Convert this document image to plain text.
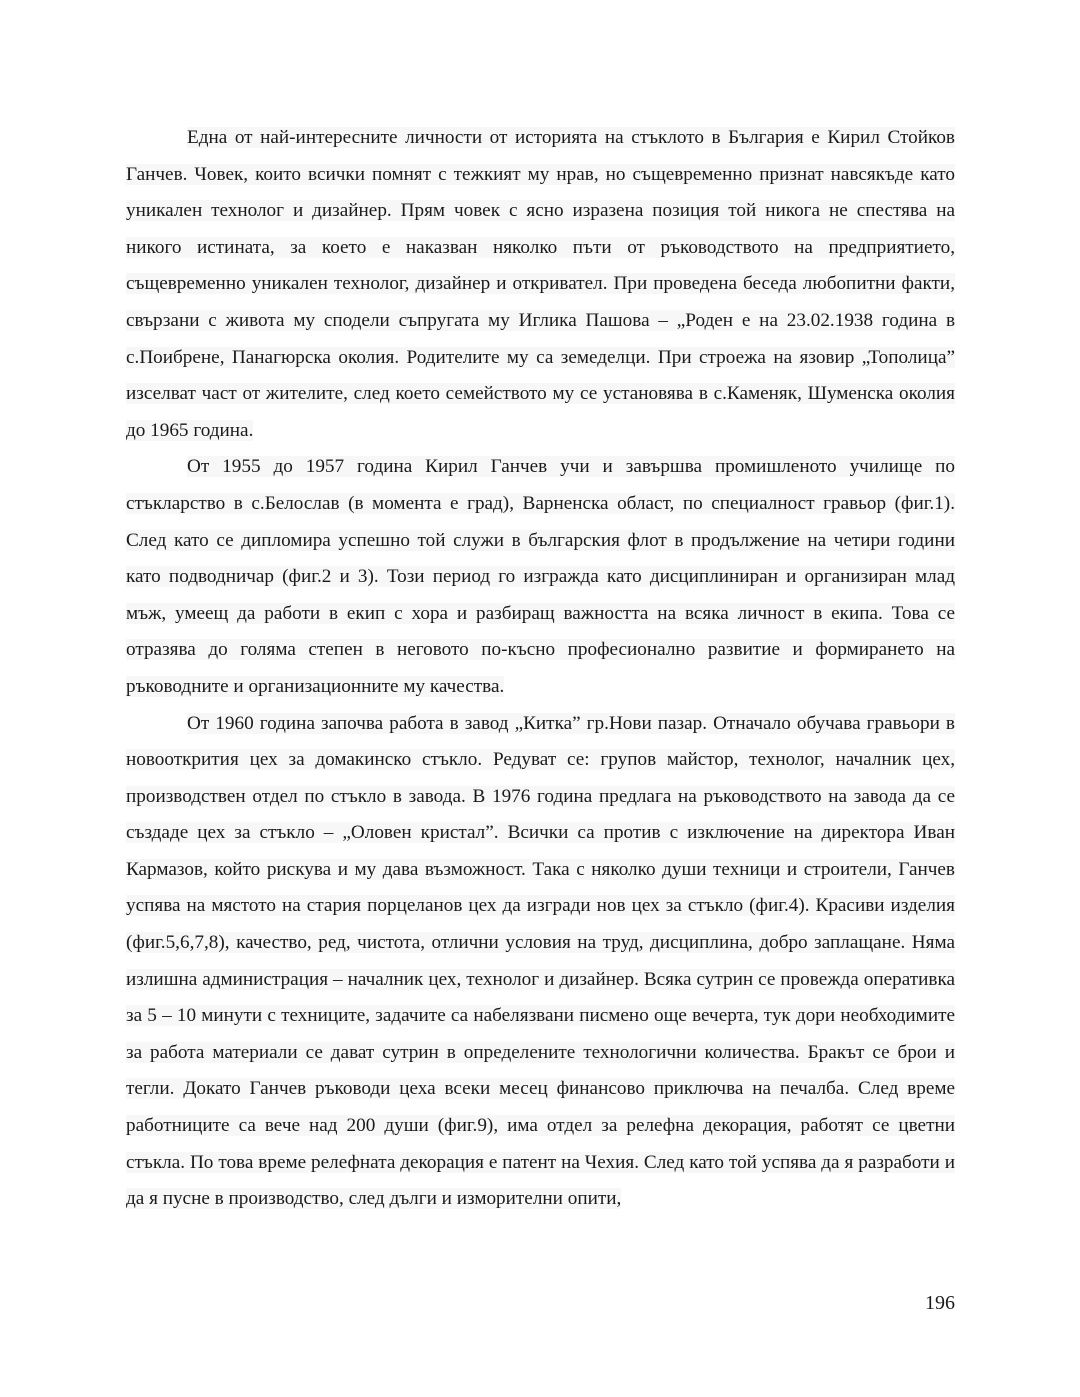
Една от най-интересните личности от историята на стъклото в България е Кирил Стойков Ганчев. Човек, които всички помнят с тежкият му нрав, но същевременно признат навсякъде като уникален технолог и дизайнер. Прям човек с ясно изразена позиция той никога не спестява на никого истината, за което е наказван няколко пъти от ръководството на предприятието, същевременно уникален технолог, дизайнер и откривател. При проведена беседа любопитни факти, свързани с живота му сподели съпругата му Иглика Пашова – „Роден е на 23.02.1938 година в с.Поибрене, Панагюрска околия. Родителите му са земеделци. При строежа на язовир „Тополица” изселват част от жителите, след което семейството му се установява в с.Каменяк, Шуменска околия до 1965 година.

От 1955 до 1957 година Кирил Ганчев учи и завършва промишленото училище по стъкларство в с.Белослав (в момента е град), Варненска област, по специалност гравьор (фиг.1). След като се дипломира успешно той служи в българския флот в продължение на четири години като подводничар (фиг.2 и 3). Този период го изгражда като дисциплиниран и организиран млад мъж, умеещ да работи в екип с хора и разбиращ важността на всяка личност в екипа. Това се отразява до голяма степен в неговото по-късно професионално развитие и формирането на ръководните и организационните му качества.

От 1960 година започва работа в завод „Китка” гр.Нови пазар. Отначало обучава гравьори в новооткрития цех за домакинско стъкло. Редуват се: групов майстор, технолог, началник цех, производствен отдел по стъкло в завода. В 1976 година предлага на ръководството на завода да се създаде цех за стъкло – „Оловен кристал”. Всички са против с изключение на директора Иван Кармазов, който рискува и му дава възможност. Така с няколко души техници и строители, Ганчев успява на мястото на стария порцеланов цех да изгради нов цех за стъкло (фиг.4). Красиви изделия (фиг.5,6,7,8), качество, ред, чистота, отлични условия на труд, дисциплина, добро заплащане. Няма излишна администрация – началник цех, технолог и дизайнер. Всяка сутрин се провежда оперативка за 5 – 10 минути с техниците, задачите са набелязвани писмено още вечерта, тук дори необходимите за работа материали се дават сутрин в определените технологични количества. Бракът се брои и тегли. Докато Ганчев ръководи цеха всеки месец финансово приключва на печалба. След време работниците са вече над 200 души (фиг.9), има отдел за релефна декорация, работят се цветни стъкла. По това време релефната декорация е патент на Чехия. След като той успява да я разработи и да я пусне в производство, след дълги и изморителни опити,

196
